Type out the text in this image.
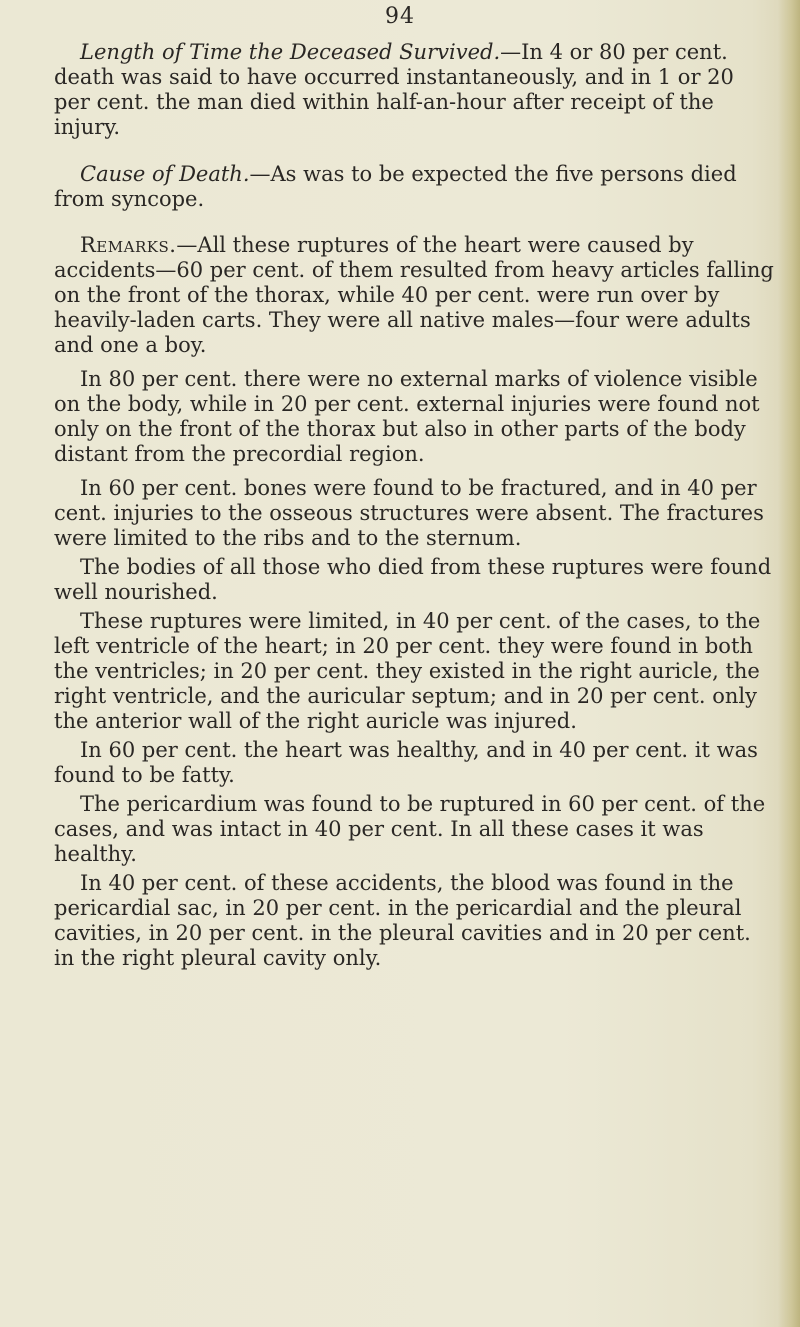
94

Length of Time the Deceased Survived.—In 4 or 80 per cent. death was said to have occurred instantaneously, and in 1 or 20 per cent. the man died within half-an-hour after receipt of the injury.

Cause of Death.—As was to be expected the five persons died from syncope.

Remarks.—All these ruptures of the heart were caused by accidents—60 per cent. of them resulted from heavy articles falling on the front of the thorax, while 40 per cent. were run over by heavily-laden carts. They were all native males—four were adults and one a boy.

In 80 per cent. there were no external marks of violence visible on the body, while in 20 per cent. external injuries were found not only on the front of the thorax but also in other parts of the body distant from the precordial region.

In 60 per cent. bones were found to be fractured, and in 40 per cent. injuries to the osseous structures were absent. The fractures were limited to the ribs and to the sternum.

The bodies of all those who died from these ruptures were found well nourished.

These ruptures were limited, in 40 per cent. of the cases, to the left ventricle of the heart; in 20 per cent. they were found in both the ventricles; in 20 per cent. they existed in the right auricle, the right ventricle, and the auricular septum; and in 20 per cent. only the anterior wall of the right auricle was injured.

In 60 per cent. the heart was healthy, and in 40 per cent. it was found to be fatty.

The pericardium was found to be ruptured in 60 per cent. of the cases, and was intact in 40 per cent. In all these cases it was healthy.

In 40 per cent. of these accidents, the blood was found in the pericardial sac, in 20 per cent. in the pericardial and the pleural cavities, in 20 per cent. in the pleural cavities and in 20 per cent. in the right pleural cavity only.
